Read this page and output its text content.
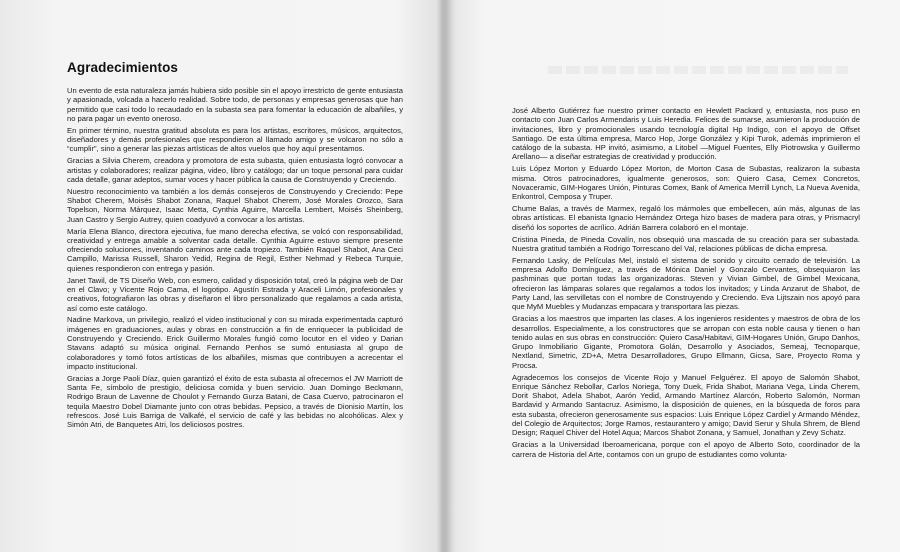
Agradecimientos

Un evento de esta naturaleza jamás hubiera sido posible sin el apoyo irrestricto de gente entusiasta y apasionada, volcada a hacerlo realidad. Sobre todo, de personas y empresas generosas que han permitido que casi todo lo recaudado en la subasta sea para fomentar la educación de albañiles, y no para pagar un evento oneroso.

En primer término, nuestra gratitud absoluta es para los artistas, escritores, músicos, arquitectos, diseñadores y demás profesionales que respondieron al llamado amigo y se volcaron no sólo a “cumplir”, sino a generar las piezas artísticas de altos vuelos que hoy aquí presentamos.

Gracias a Silvia Cherem, creadora y promotora de esta subasta, quien entusiasta logró convocar a artistas y colaboradores; realizar página, video, libro y catálogo; dar un toque personal para cuidar cada detalle, ganar adeptos, sumar voces y hacer pública la causa de Construyendo y Creciendo.

Nuestro reconocimiento va también a los demás consejeros de Construyendo y Creciendo: Pepe Shabot Cherem, Moisés Shabot Zonana, Raquel Shabot Cherem, José Morales Orozco, Sara Topelson, Norma Márquez, Isaac Metta, Cynthia Aguirre, Marcella Lembert, Moisés Sheinberg, Juan Castro y Sergio Autrey, quien coadyuvó a convocar a los artistas.

María Elena Blanco, directora ejecutiva, fue mano derecha efectiva, se volcó con responsabilidad, creatividad y entrega amable a solventar cada detalle. Cynthia Aguirre estuvo siempre presente ofreciendo soluciones, inventando caminos ante cada tropiezo. También Raquel Shabot, Ana Ceci Campillo, Marissa Russell, Sharon Yedid, Regina de Regil, Esther Nehmad y Rebeca Turquie, quienes respondieron con entrega y pasión.

Janet Tawil, de TS Diseño Web, con esmero, calidad y disposición total, creó la página web de Dar en el Clavo; y Vicente Rojo Cama, el logotipo. Agustín Estrada y Araceli Limón, profesionales y creativos, fotografiaron las obras y diseñaron el libro personalizado que regalamos a cada artista, así como este catálogo.

Nadine Markova, un privilegio, realizó el video institucional y con su mirada experimentada capturó imágenes en graduaciones, aulas y obras en construcción a fin de enriquecer la publicidad de Construyendo y Creciendo. Erick Guillermo Morales fungió como locutor en el video y Darian Stavans adaptó su música original. Fernando Penhos se sumó entusiasta al grupo de colaboradores y tomó fotos artísticas de los albañiles, mismas que contribuyen a acrecentar el impacto institucional.

Gracias a Jorge Paoli Díaz, quien garantizó el éxito de esta subasta al ofrecernos el JW Marriott de Santa Fe, símbolo de prestigio, deliciosa comida y buen servicio. Juan Domingo Beckmann, Rodrigo Braun de Lavenne de Choulot y Fernando Gurza Batani, de Casa Cuervo, patrocinaron el tequila Maestro Dobel Diamante junto con otras bebidas. Pepsico, a través de Dionisio Martín, los refrescos. José Luis Barriga de Valkafé, el servicio de café y las bebidas no alcohólicas. Alex y Simón Atri, de Banquetes Atri, los deliciosos postres.

José Alberto Gutiérrez fue nuestro primer contacto en Hewlett Packard y, entusiasta, nos puso en contacto con Juan Carlos Armendaris y Luis Heredia. Felices de sumarse, asumieron la producción de invitaciones, libro y promocionales usando tecnología digital Hp Indigo, con el apoyo de Offset Santiago. De esta última empresa, Marco Hop, Jorge González y Kipi Turok, además imprimieron el catálogo de la subasta. HP invitó, asimismo, a Litobel —Miguel Fuentes, Elly Piotrowska y Guillermo Arellano— a diseñar estrategias de creatividad y producción.

Luis López Morton y Eduardo López Morton, de Morton Casa de Subastas, realizaron la subasta misma. Otros patrocinadores, igualmente generosos, son: Quiero Casa, Cemex Concretos, Novaceramic, GIM-Hogares Unión, Pinturas Comex, Bank of America Merrill Lynch, La Nueva Avenida, Enkontrol, Cemposa y Truper.

Chume Balas, a través de Marmex, regaló los mármoles que embellecen, aún más, algunas de las obras artísticas. El ebanista Ignacio Hernández Ortega hizo bases de madera para otras, y Prismacryl diseñó los soportes de acrílico. Adrián Barrera colaboró en el montaje.

Cristina Pineda, de Pineda Covalín, nos obsequió una mascada de su creación para ser subastada. Nuestra gratitud también a Rodrigo Torrescano del Val, relaciones públicas de dicha empresa.

Fernando Lasky, de Películas Mel, instaló el sistema de sonido y circuito cerrado de televisión. La empresa Adolfo Domínguez, a través de Mónica Daniel y Gonzalo Cervantes, obsequiaron las pashminas que portan todas las organizadoras. Steven y Vivian Gimbel, de Gimbel Mexicana, ofrecieron las lámparas solares que regalamos a todos los invitados; y Linda Anzarut de Shabot, de Party Land, las servilletas con el nombre de Construyendo y Creciendo. Eva Lijtszain nos apoyó para que MyM Muebles y Mudanzas empacara y transportara las piezas.

Gracias a los maestros que imparten las clases. A los ingenieros residentes y maestros de obra de los desarrollos. Especialmente, a los constructores que se arropan con esta noble causa y tienen o han tenido aulas en sus obras en construcción: Quiero Casa/Habitavi, GIM-Hogares Unión, Grupo Danhos, Grupo Inmobiliario Gigante, Promotora Golán, Desarrollo y Asociados, Semeaj, Tecnoparque, Nextland, Simetric, ZD+A, Metra Desarrolladores, Grupo Ellmann, Gicsa, Sare, Proyecto Roma y Procsa.

Agradecemos los consejos de Vicente Rojo y Manuel Felguérez. El apoyo de Salomón Shabot, Enrique Sánchez Rebollar, Carlos Noriega, Tony Duek, Frida Shabot, Mariana Vega, Linda Cherem, Dorit Shabot, Adela Shabot, Aarón Yedid, Armando Martínez Alarcón, Roberto Salomón, Norman Bardavid y Armando Santacruz. Asimismo, la disposición de quienes, en la búsqueda de foros para esta subasta, ofrecieron generosamente sus espacios: Luis Enrique López Cardiel y Armando Méndez, del Colegio de Arquitectos; Jorge Ramos, restaurantero y amigo; David Serur y Shula Shrem, de Blend Design; Raquel Chiver del Hotel Aqua; Marcos Shabot Zonana, y Samuel, Jonathan y Zevy Schatz.

Gracias a la Universidad Iberoamericana, porque con el apoyo de Alberto Soto, coordinador de la carrera de Historia del Arte, contamos con un grupo de estudiantes como volunta-
